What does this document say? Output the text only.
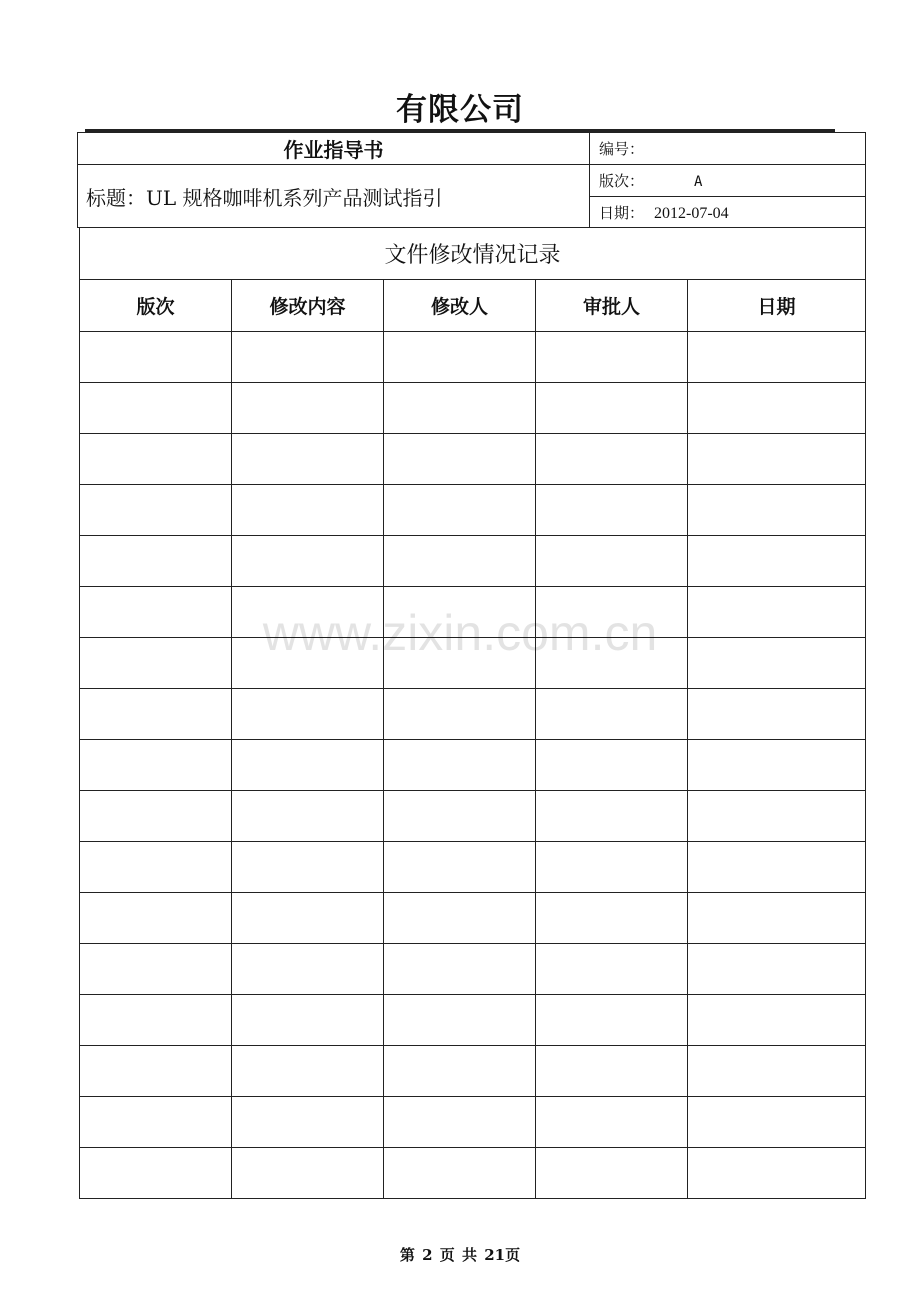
有限公司
作业指导书	编号：
标题：UL 规格咖啡机系列产品测试指引	版次： A
	日期： 2012-07-04
文件修改情况记录				
版次	修改内容	修改人	审批人	日期

www.zixin.com.cn
第 2 页 共 21页
